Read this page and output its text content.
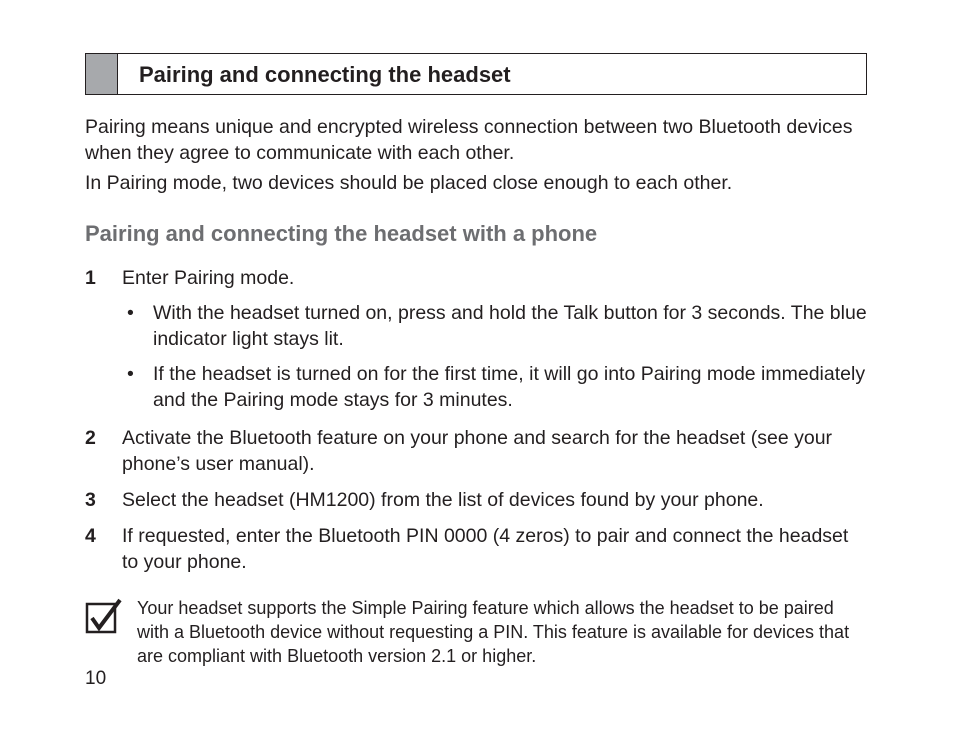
Pairing and connecting the headset
Pairing means unique and encrypted wireless connection between two Bluetooth devices when they agree to communicate with each other.
In Pairing mode, two devices should be placed close enough to each other.
Pairing and connecting the headset with a phone
1 Enter Pairing mode.
• With the headset turned on, press and hold the Talk button for 3 seconds. The blue indicator light stays lit.
• If the headset is turned on for the first time, it will go into Pairing mode immediately and the Pairing mode stays for 3 minutes.
2 Activate the Bluetooth feature on your phone and search for the headset (see your phone’s user manual).
3 Select the headset (HM1200) from the list of devices found by your phone.
4 If requested, enter the Bluetooth PIN 0000 (4 zeros) to pair and connect the headset to your phone.
Your headset supports the Simple Pairing feature which allows the headset to be paired with a Bluetooth device without requesting a PIN. This feature is available for devices that are compliant with Bluetooth version 2.1 or higher.
10
